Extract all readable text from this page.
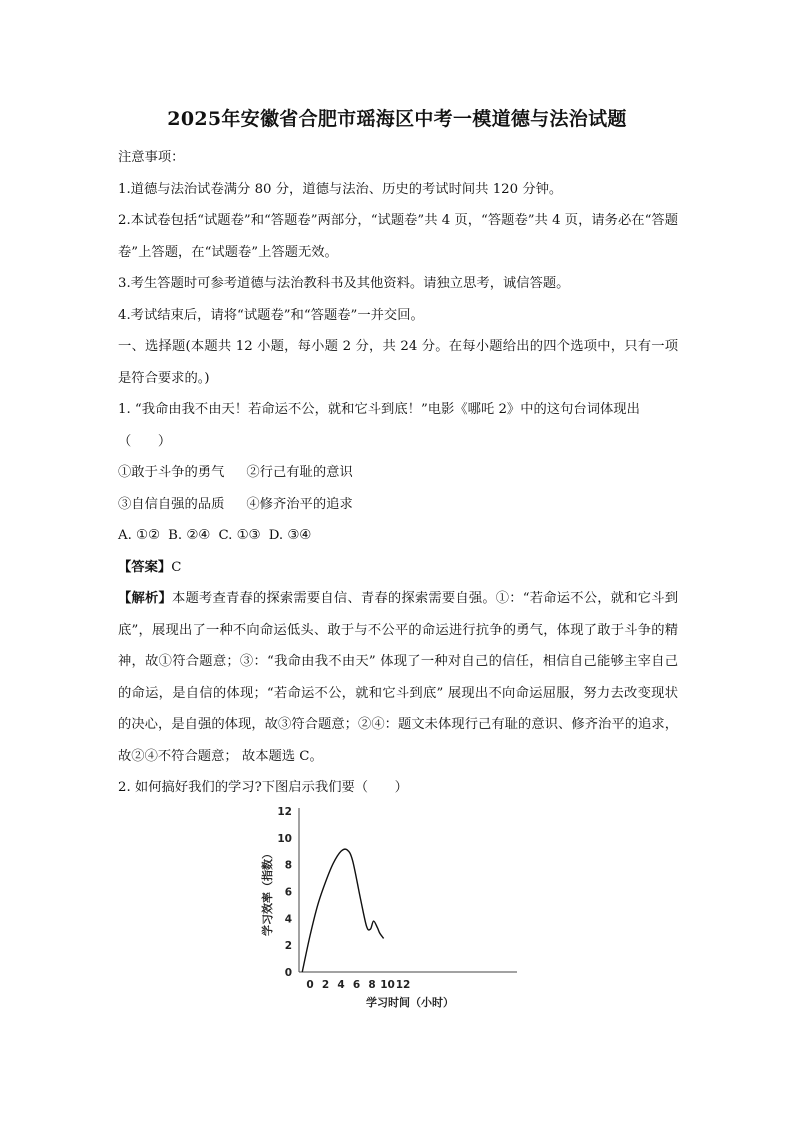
2025年安徽省合肥市瑶海区中考一模道德与法治试题
注意事项：
1.道德与法治试卷满分 80 分，道德与法治、历史的考试时间共 120 分钟。
2.本试卷包括“试题卷”和“答题卷”两部分，“试题卷”共 4 页，“答题卷”共 4 页，请务必在“答题卷”上答题，在“试题卷”上答题无效。
3.考生答题时可参考道德与法治教科书及其他资料。请独立思考，诚信答题。
4.考试结束后，请将“试题卷”和“答题卷”一并交回。
一、选择题(本题共 12 小题，每小题 2 分，共 24 分。在每小题给出的四个选项中，只有一项是符合要求的。)
1. “我命由我不由天！若命运不公，就和它斗到底！”电影《哪吒 2》中的这句台词体现出
（　　）
①敢于斗争的勇气 ②行己有耻的意识
③自信自强的品质 ④修齐治平的追求
A. ①② B. ②④ C. ①③ D. ③④
【答案】C
【解析】本题考查青春的探索需要自信、青春的探索需要自强。①：“若命运不公，就和它斗到底”，展现出了一种不向命运低头、敢于与不公平的命运进行抗争的勇气，体现了敢于斗争的精神，故①符合题意；③：“我命由我不由天” 体现了一种对自己的信任，相信自己能够主宰自己的命运，是自信的体现；“若命运不公，就和它斗到底” 展现出不向命运屈服，努力去改变现状的决心，是自强的体现，故③符合题意；②④：题文未体现行己有耻的意识、修齐治平的追求，故②④不符合题意； 故本题选 C。
2. 如何搞好我们的学习?下图启示我们要（　　）
0
2
4
6
8
10
12
0 2 4 6 8 10 12
学习时间（小时）
学习效率（指数）
